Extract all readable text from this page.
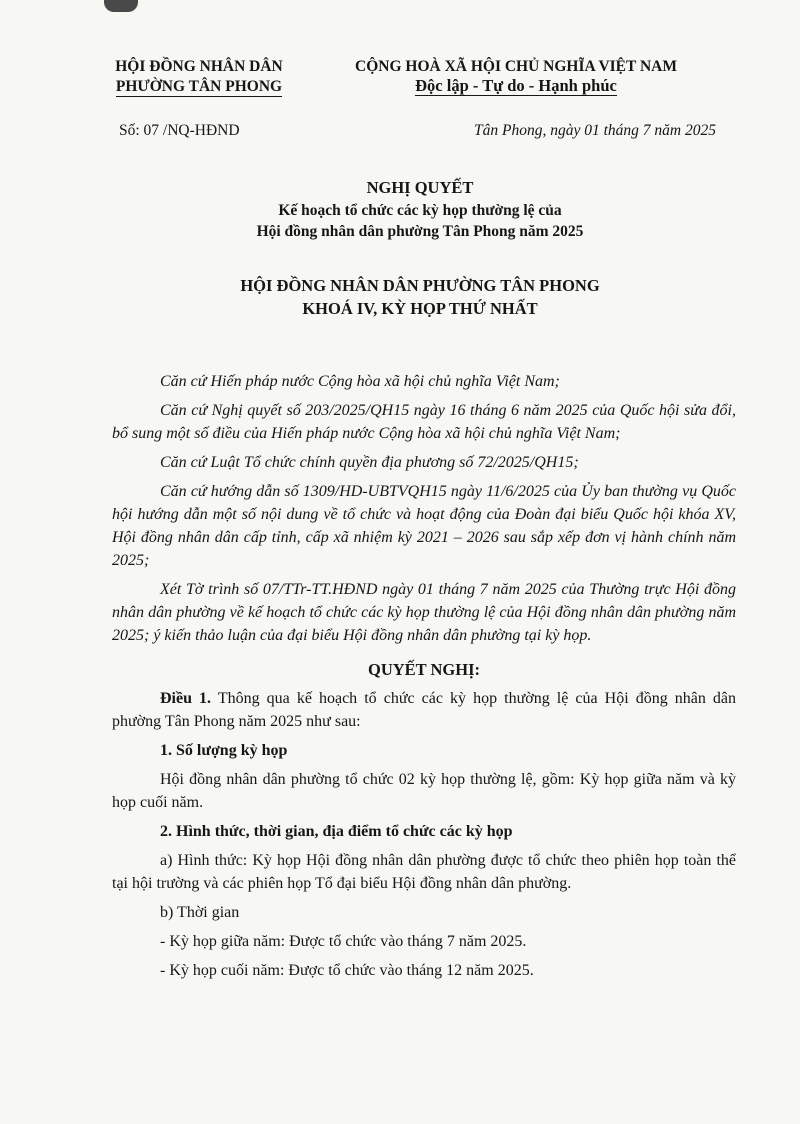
HỘI ĐỒNG NHÂN DÂN
PHƯỜNG TÂN PHONG
CỘNG HOÀ XÃ HỘI CHỦ NGHĨA VIỆT NAM
Độc lập - Tự do - Hạnh phúc
Số: 07 /NQ-HĐND	Tân Phong, ngày 01 tháng 7 năm 2025
NGHỊ QUYẾT
Kế hoạch tổ chức các kỳ họp thường lệ của
Hội đồng nhân dân phường Tân Phong năm 2025
HỘI ĐỒNG NHÂN DÂN PHƯỜNG TÂN PHONG
KHOÁ IV, KỲ HỌP THỨ NHẤT

Căn cứ Hiến pháp nước Cộng hòa xã hội chủ nghĩa Việt Nam;

Căn cứ Nghị quyết số 203/2025/QH15 ngày 16 tháng 6 năm 2025 của Quốc hội sửa đổi, bổ sung một số điều của Hiến pháp nước Cộng hòa xã hội chủ nghĩa Việt Nam;

Căn cứ Luật Tổ chức chính quyền địa phương số 72/2025/QH15;

Căn cứ hướng dẫn số 1309/HD-UBTVQH15 ngày 11/6/2025 của Ủy ban thường vụ Quốc hội hướng dẫn một số nội dung về tổ chức và hoạt động của Đoàn đại biểu Quốc hội khóa XV, Hội đồng nhân dân cấp tỉnh, cấp xã nhiệm kỳ 2021 – 2026 sau sắp xếp đơn vị hành chính năm 2025;

Xét Tờ trình số 07/TTr-TT.HĐND ngày 01 tháng 7 năm 2025 của Thường trực Hội đồng nhân dân phường về kế hoạch tổ chức các kỳ họp thường lệ của Hội đồng nhân dân phường năm 2025; ý kiến thảo luận của đại biểu Hội đồng nhân dân phường tại kỳ họp.

QUYẾT NGHỊ:

Điều 1. Thông qua kế hoạch tổ chức các kỳ họp thường lệ của Hội đồng nhân dân phường Tân Phong năm 2025 như sau:

1. Số lượng kỳ họp

Hội đồng nhân dân phường tổ chức 02 kỳ họp thường lệ, gồm: Kỳ họp giữa năm và kỳ họp cuối năm.

2. Hình thức, thời gian, địa điểm tổ chức các kỳ họp

a) Hình thức: Kỳ họp Hội đồng nhân dân phường được tổ chức theo phiên họp toàn thể tại hội trường và các phiên họp Tổ đại biểu Hội đồng nhân dân phường.

b) Thời gian

- Kỳ họp giữa năm: Được tổ chức vào tháng 7 năm 2025.

- Kỳ họp cuối năm: Được tổ chức vào tháng 12 năm 2025.
